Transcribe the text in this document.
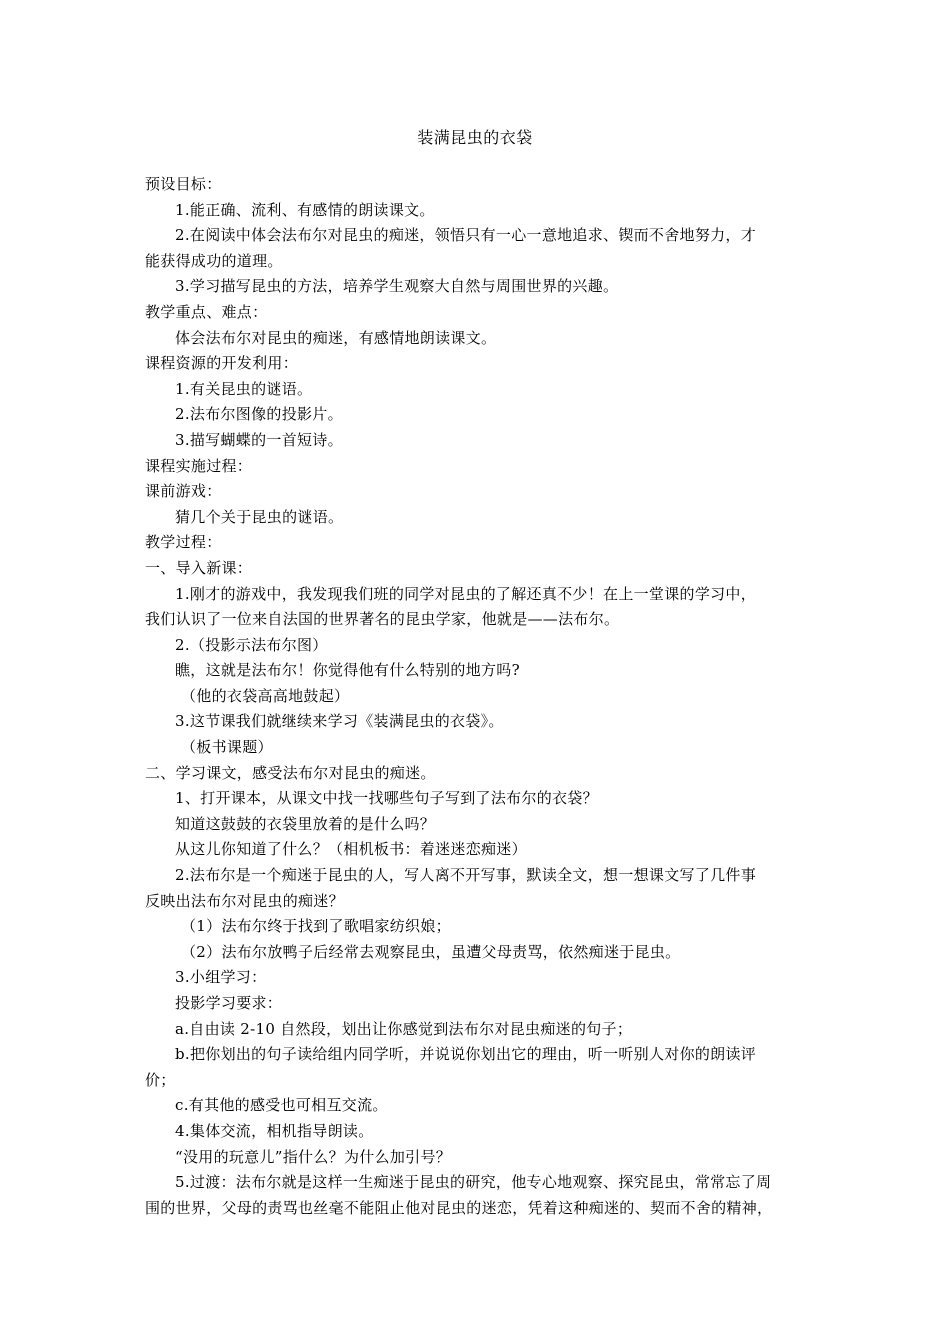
装满昆虫的衣袋
预设目标：
1.能正确、流利、有感情的朗读课文。
2.在阅读中体会法布尔对昆虫的痴迷，领悟只有一心一意地追求、锲而不舍地努力，才
能获得成功的道理。
3.学习描写昆虫的方法，培养学生观察大自然与周围世界的兴趣。
教学重点、难点：
体会法布尔对昆虫的痴迷，有感情地朗读课文。
课程资源的开发利用：
1.有关昆虫的谜语。
2.法布尔图像的投影片。
3.描写蝴蝶的一首短诗。
课程实施过程：
课前游戏：
猜几个关于昆虫的谜语。
教学过程：
一、导入新课：
1.刚才的游戏中，我发现我们班的同学对昆虫的了解还真不少！在上一堂课的学习中，
我们认识了一位来自法国的世界著名的昆虫学家，他就是——法布尔。
2.（投影示法布尔图）
瞧，这就是法布尔！你觉得他有什么特别的地方吗?
（他的衣袋高高地鼓起）
3.这节课我们就继续来学习《装满昆虫的衣袋》。
（板书课题）
二、学习课文，感受法布尔对昆虫的痴迷。
1、打开课本，从课文中找一找哪些句子写到了法布尔的衣袋？
知道这鼓鼓的衣袋里放着的是什么吗？
从这儿你知道了什么？（相机板书：着迷迷恋痴迷）
2.法布尔是一个痴迷于昆虫的人，写人离不开写事，默读全文，想一想课文写了几件事
反映出法布尔对昆虫的痴迷？
（1）法布尔终于找到了歌唱家纺织娘；
（2）法布尔放鸭子后经常去观察昆虫，虽遭父母责骂，依然痴迷于昆虫。
3.小组学习：
投影学习要求：
a.自由读 2-10 自然段，划出让你感觉到法布尔对昆虫痴迷的句子；
b.把你划出的句子读给组内同学听，并说说你划出它的理由，听一听别人对你的朗读评
价；
c.有其他的感受也可相互交流。
4.集体交流，相机指导朗读。
“没用的玩意儿”指什么？为什么加引号？
5.过渡：法布尔就是这样一生痴迷于昆虫的研究，他专心地观察、探究昆虫，常常忘了周
围的世界，父母的责骂也丝毫不能阻止他对昆虫的迷恋，凭着这种痴迷的、契而不舍的精神，
